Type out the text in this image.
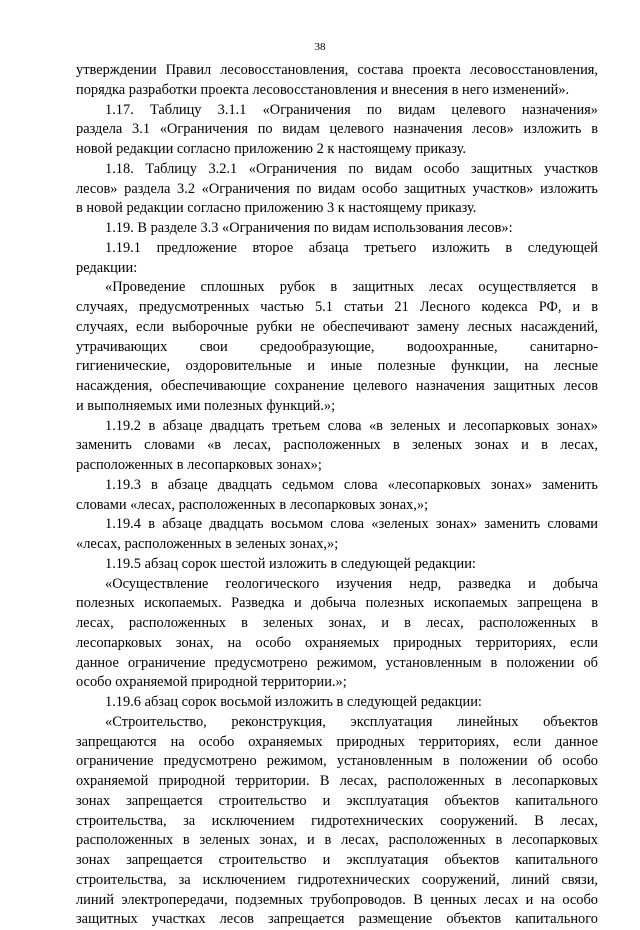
38
утверждении Правил лесовосстановления, состава проекта лесовосстановления,
порядка разработки проекта лесовосстановления и внесения в него изменений».
1.17. Таблицу 3.1.1 «Ограничения по видам целевого назначения»
раздела 3.1 «Ограничения по видам целевого назначения лесов» изложить в
новой редакции согласно приложению 2 к настоящему приказу.
1.18. Таблицу 3.2.1 «Ограничения по видам особо защитных участков
лесов» раздела 3.2 «Ограничения по видам особо защитных участков» изложить
в новой редакции согласно приложению 3 к настоящему приказу.
1.19. В разделе 3.3 «Ограничения по видам использования лесов»:
1.19.1 предложение второе абзаца третьего изложить в следующей
редакции:
«Проведение сплошных рубок в защитных лесах осуществляется в
случаях, предусмотренных частью 5.1 статьи 21 Лесного кодекса РФ, и в
случаях, если выборочные рубки не обеспечивают замену лесных насаждений,
утрачивающих свои средообразующие, водоохранные, санитарно-
гигиенические, оздоровительные и иные полезные функции, на лесные
насаждения, обеспечивающие сохранение целевого назначения защитных лесов
и выполняемых ими полезных функций.»;
1.19.2 в абзаце двадцать третьем слова «в зеленых и лесопарковых зонах»
заменить словами «в лесах, расположенных в зеленых зонах и в лесах,
расположенных в лесопарковых зонах»;
1.19.3 в абзаце двадцать седьмом слова «лесопарковых зонах» заменить
словами «лесах, расположенных в лесопарковых зонах,»;
1.19.4 в абзаце двадцать восьмом слова «зеленых зонах» заменить словами
«лесах, расположенных в зеленых зонах,»;
1.19.5 абзац сорок шестой изложить в следующей редакции:
«Осуществление геологического изучения недр, разведка и добыча
полезных ископаемых. Разведка и добыча полезных ископаемых запрещена в
лесах, расположенных в зеленых зонах, и в лесах, расположенных в
лесопарковых зонах, на особо охраняемых природных территориях, если
данное ограничение предусмотрено режимом, установленным в положении об
особо охраняемой природной территории.»;
1.19.6 абзац сорок восьмой изложить в следующей редакции:
«Строительство, реконструкция, эксплуатация линейных объектов
запрещаются на особо охраняемых природных территориях, если данное
ограничение предусмотрено режимом, установленным в положении об особо
охраняемой природной территории. В лесах, расположенных в лесопарковых
зонах запрещается строительство и эксплуатация объектов капитального
строительства, за исключением гидротехнических сооружений. В лесах,
расположенных в зеленых зонах, и в лесах, расположенных в лесопарковых
зонах запрещается строительство и эксплуатация объектов капитального
строительства, за исключением гидротехнических сооружений, линий связи,
линий электропередачи, подземных трубопроводов. В ценных лесах и на особо
защитных участках лесов запрещается размещение объектов капитального
